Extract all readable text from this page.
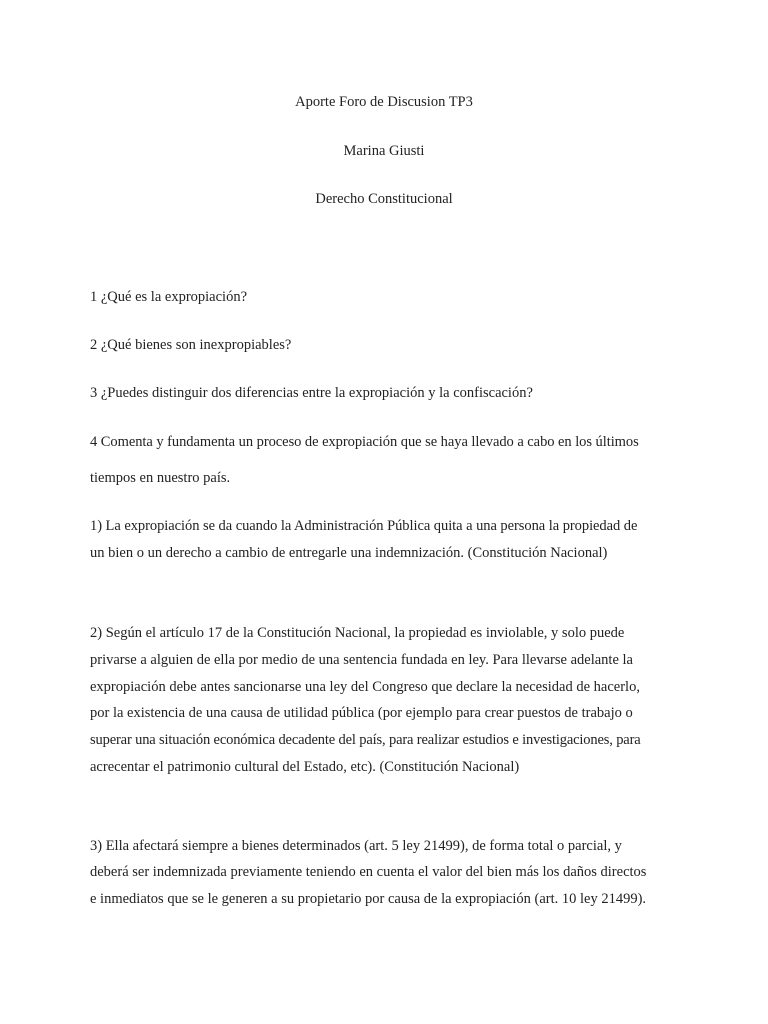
Aporte Foro de Discusion TP3

Marina Giusti

Derecho Constitucional

1 ¿Qué es la expropiación?

2 ¿Qué bienes son inexpropiables?

3 ¿Puedes distinguir dos diferencias entre la expropiación y la confiscación?

4 Comenta y fundamenta un proceso de expropiación que se haya llevado a cabo en los últimos

tiempos en nuestro país.

1) La expropiación se da cuando la Administración Pública quita a una persona la propiedad de

un bien o un derecho a cambio de entregarle una indemnización. (Constitución Nacional)

2) Según el artículo 17 de la Constitución Nacional, la propiedad es inviolable, y solo puede

privarse a alguien de ella por medio de una sentencia fundada en ley. Para llevarse adelante la

expropiación debe antes sancionarse una ley del Congreso que declare la necesidad de hacerlo,

por la existencia de una causa de utilidad pública (por ejemplo para crear puestos de trabajo o

superar una situación económica decadente del país, para realizar estudios e investigaciones, para

acrecentar el patrimonio cultural del Estado, etc). (Constitución Nacional)

3) Ella afectará siempre a bienes determinados (art. 5 ley 21499), de forma total o parcial, y

deberá ser indemnizada previamente teniendo en cuenta el valor del bien más los daños directos

e inmediatos que se le generen a su propietario por causa de la expropiación (art. 10 ley 21499).
